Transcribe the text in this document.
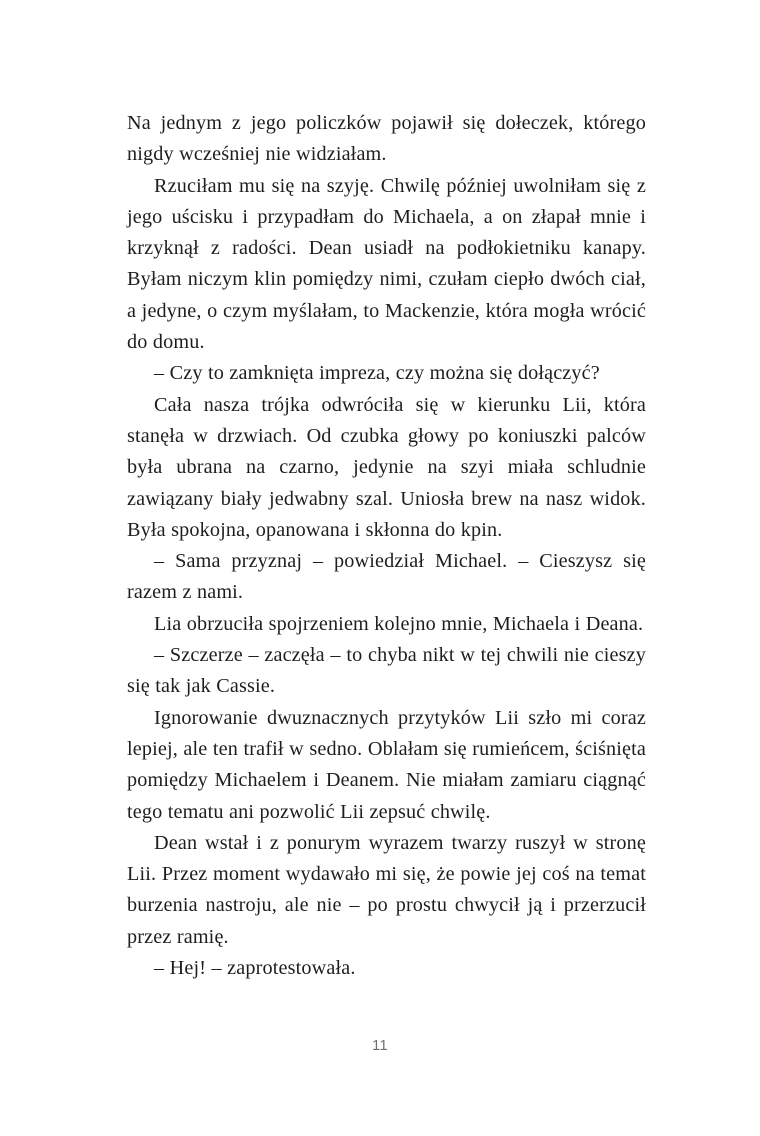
Na jednym z jego policzków pojawił się dołeczek, którego nigdy wcześniej nie widziałam.

Rzuciłam mu się na szyję. Chwilę później uwolniłam się z jego uścisku i przypadłam do Michaela, a on złapał mnie i krzyknął z radości. Dean usiadł na podłokietniku kanapy. Byłam niczym klin pomiędzy nimi, czułam ciepło dwóch ciał, a jedyne, o czym myślałam, to Mackenzie, która mogła wrócić do domu.

– Czy to zamknięta impreza, czy można się dołączyć?

Cała nasza trójka odwróciła się w kierunku Lii, która stanęła w drzwiach. Od czubka głowy po koniuszki palców była ubrana na czarno, jedynie na szyi miała schludnie zawiązany biały jedwabny szal. Uniosła brew na nasz widok. Była spokojna, opanowana i skłonna do kpin.

– Sama przyznaj – powiedział Michael. – Cieszysz się razem z nami.

Lia obrzuciła spojrzeniem kolejno mnie, Michaela i Deana.

– Szczerze – zaczęła – to chyba nikt w tej chwili nie cieszy się tak jak Cassie.

Ignorowanie dwuznacznych przytyków Lii szło mi coraz lepiej, ale ten trafił w sedno. Oblałam się rumieńcem, ściśnięta pomiędzy Michaelem i Deanem. Nie miałam zamiaru ciągnąć tego tematu ani pozwolić Lii zepsuć chwilę.

Dean wstał i z ponurym wyrazem twarzy ruszył w stronę Lii. Przez moment wydawało mi się, że powie jej coś na temat burzenia nastroju, ale nie – po prostu chwycił ją i przerzucił przez ramię.

– Hej! – zaprotestowała.

11
